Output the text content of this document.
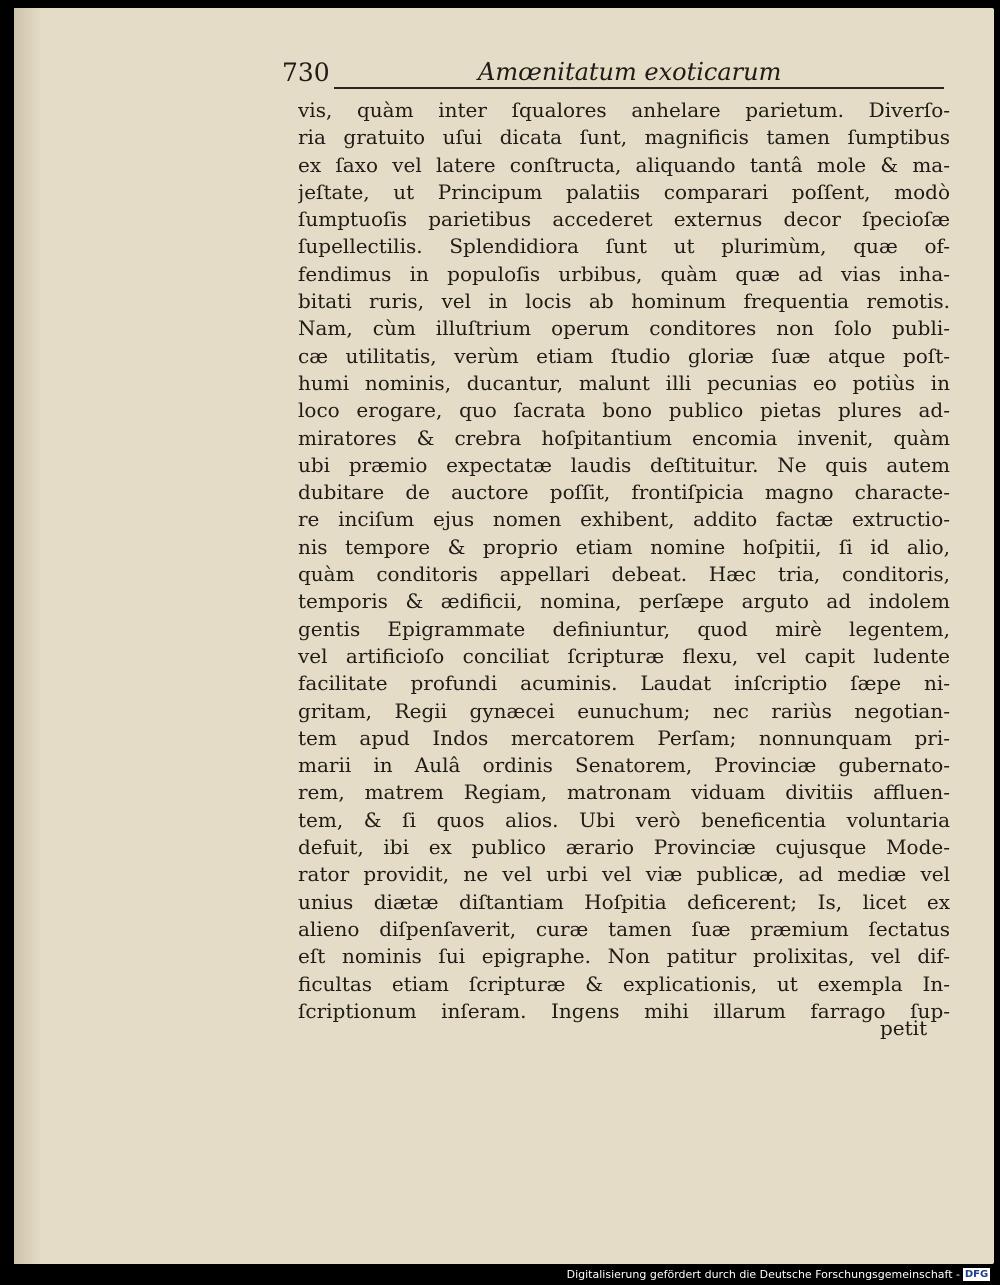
730	Amœnitatum exoticarum
vis, quàm inter ſqualores anhelare parietum. Diverſo-
ria gratuito uſui dicata ſunt, magnificis tamen ſumptibus
ex ſaxo vel latere conſtructa, aliquando tantâ mole & ma-
jeſtate, ut Principum palatiis comparari poſſent, modò
ſumptuoſis parietibus accederet externus decor ſpecioſæ
ſupellectilis. Splendidiora ſunt ut plurimùm, quæ of-
fendimus in populoſis urbibus, quàm quæ ad vias inha-
bitati ruris, vel in locis ab hominum frequentia remotis.
Nam, cùm illuſtrium operum conditores non ſolo publi-
cæ utilitatis, verùm etiam ſtudio gloriæ ſuæ atque poſt-
humi nominis, ducantur, malunt illi pecunias eo potiùs in
loco erogare, quo ſacrata bono publico pietas plures ad-
miratores & crebra hoſpitantium encomia invenit, quàm
ubi præmio expectatæ laudis deſtituitur. Ne quis autem
dubitare de auctore poſſit, frontiſpicia magno characte-
re inciſum ejus nomen exhibent, addito factæ extructio-
nis tempore & proprio etiam nomine hoſpitii, ſi id alio,
quàm conditoris appellari debeat. Hæc tria, conditoris,
temporis & ædificii, nomina, perſæpe arguto ad indolem
gentis Epigrammate definiuntur, quod mirè legentem,
vel artificioſo conciliat ſcripturæ flexu, vel capit ludente
facilitate profundi acuminis. Laudat inſcriptio ſæpe ni-
gritam, Regii gynæcei eunuchum; nec rariùs negotian-
tem apud Indos mercatorem Perſam; nonnunquam pri-
marii in Aulâ ordinis Senatorem, Provinciæ gubernato-
rem, matrem Regiam, matronam viduam divitiis affluen-
tem, & ſi quos alios. Ubi verò beneficentia voluntaria
defuit, ibi ex publico ærario Provinciæ cujusque Mode-
rator providit, ne vel urbi vel viæ publicæ, ad mediæ vel
unius diætæ diſtantiam Hoſpitia deficerent; Is, licet ex
alieno diſpenſaverit, curæ tamen ſuæ præmium ſectatus
eſt nominis ſui epigraphe. Non patitur prolixitas, vel dif-
ficultas etiam ſcripturæ & explicationis, ut exempla In-
ſcriptionum inſeram. Ingens mihi illarum farrago ſup-
petit
Digitalisierung gefördert durch die Deutsche Forschungsgemeinschaft - DFG
